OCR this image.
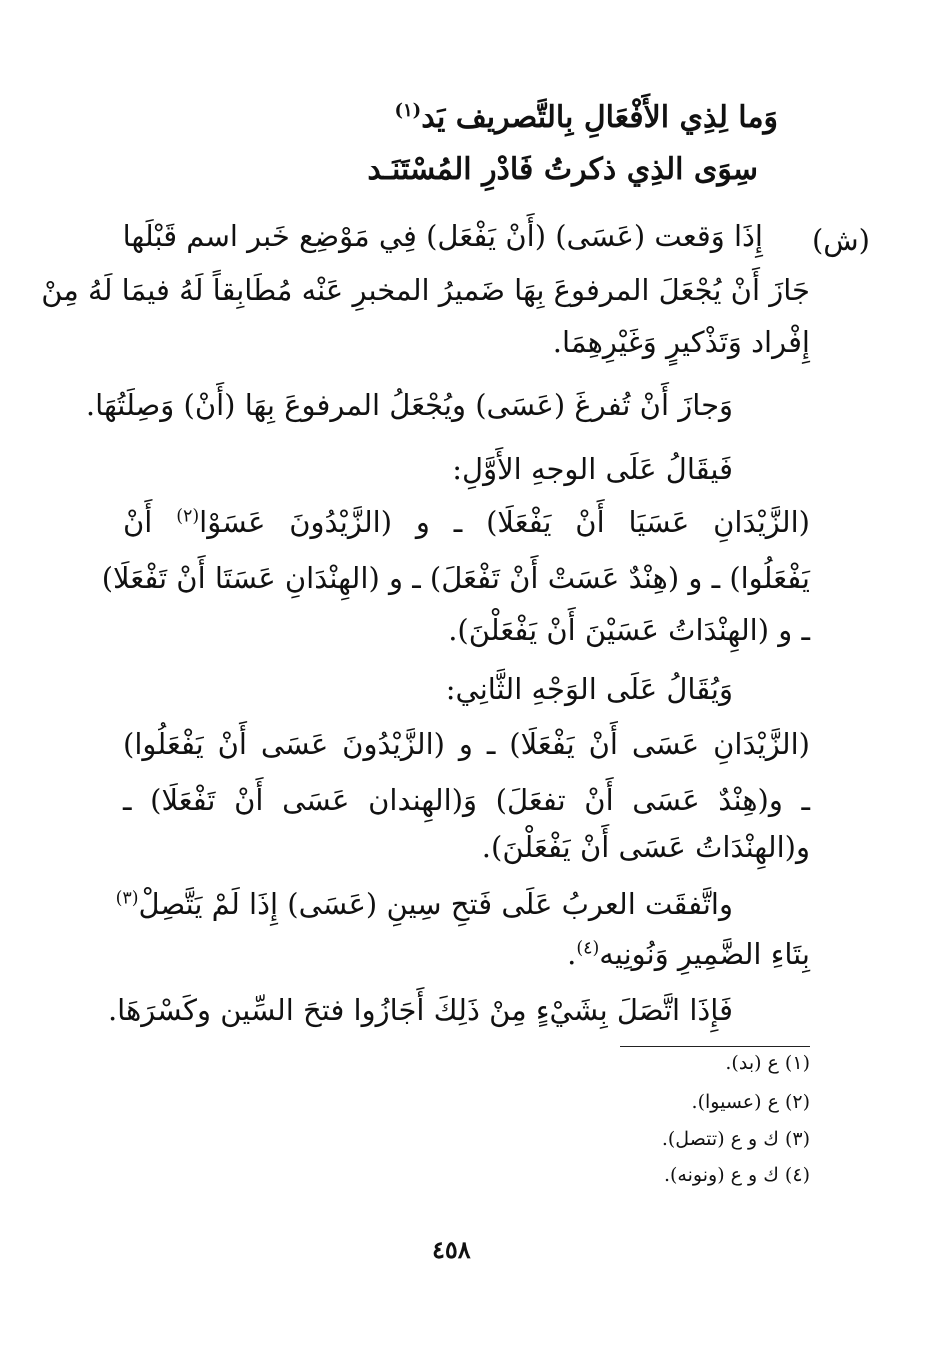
وَما لِذِي الأَفْعَالِ بِالتَّصريف يَد$^{(١)}$
سِوَى الذِي ذكرتُ فَادْرِ المُسْتَنَـد
(ش)
إِذَا وَقعت (عَسَى) (أَنْ يَفْعَل) فِي مَوْضِع خَبر اسم قَبْلَها
جَازَ أَنْ يُجْعَلَ المرفوعَ بِهَا ضَميرُ المخبرِ عَنْه مُطَابِقاً لَهُ فيمَا لَهُ مِنْ
إِفْراد وَتَذْكيرٍ وَغَيْرِهِمَا.
وَجازَ أَنْ تُفرغَ (عَسَى) ويُجْعَلُ المرفوعَ بِهَا (أَنْ) وَصِلَتُهَا.
فَيقَالُ عَلَى الوجهِ الأَوَّلِ:
(الزَّيْدَانِ عَسَيَا أَنْ يَفْعَلَا) ـ و (الزَّيْدُونَ عَسَوْا$^{(٢)}$ أَنْ
يَفْعَلُوا) ـ و (هِنْدٌ عَسَتْ أَنْ تَفْعَلَ) ـ و (الهِنْدَانِ عَسَتَا أَنْ تَفْعَلَا)
ـ و (الهِنْدَاتُ عَسَيْنَ أَنْ يَفْعَلْنَ).
وَيُقَالُ عَلَى الوَجْهِ الثَّانِي:
(الزَّيْدَانِ عَسَى أَنْ يَفْعَلَا) ـ و (الزَّيْدُونَ عَسَى أَنْ يَفْعَلُوا)
ـ و(هِنْدٌ عَسَى أَنْ تفعَلَ) وَ(الهِندان عَسَى أَنْ تَفْعَلَا) ـ
و(الهِنْدَاتُ عَسَى أَنْ يَفْعَلْنَ).
واتَّفقَت العربُ عَلَى فَتحِ سِينِ (عَسَى) إِذَا لَمْ يَتَّصِلْ$^{(٣)}$
بِتَاءِ الضَّمِيرِ وَنُونِيه$^{(٤)}$.
فَإِذَا اتَّصَلَ بِشَيْءٍ مِنْ ذَلِكَ أَجَازُوا فتحَ السِّين وكَسْرَهَا.
(١) ع (بد).
(٢) ع (عسيوا).
(٣) ك و ع (تتصل).
(٤) ك و ع (ونونه).
٤٥٨
